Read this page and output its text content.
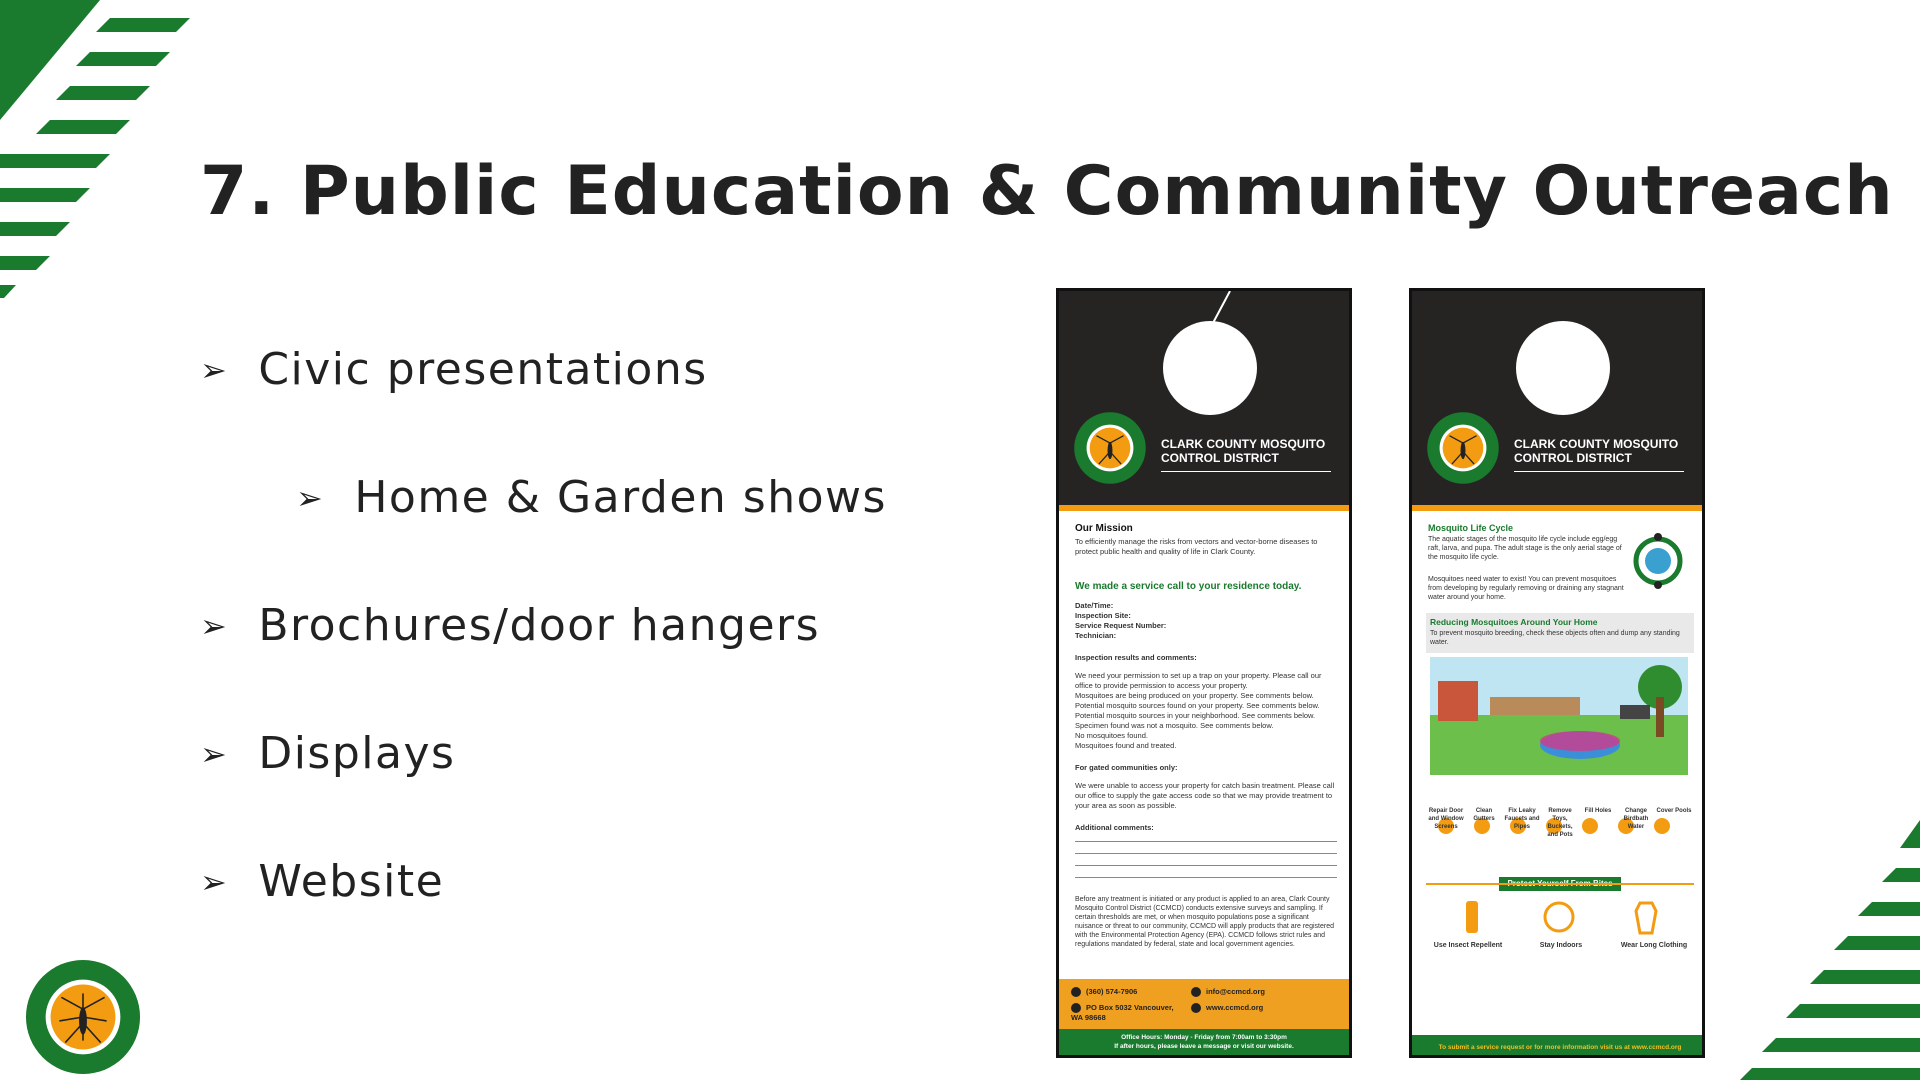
7. Public Education & Community Outreach
➢ Civic presentations
➢ Home & Garden shows
➢ Brochures/door hangers
➢ Displays
➢ Website
CLARK COUNTY MOSQUITO CONTROL DISTRICT
Our Mission
To efficiently manage the risks from vectors and vector-borne diseases to protect public health and quality of life in Clark County.
We made a service call to your residence today.
Date/Time:
Inspection Site:
Service Request Number:
Technician:
Inspection results and comments:
We need your permission to set up a trap on your property. Please call our office to provide permission to access your property.
Mosquitoes are being produced on your property. See comments below.
Potential mosquito sources found on your property. See comments below.
Potential mosquito sources in your neighborhood. See comments below.
Specimen found was not a mosquito. See comments below.
No mosquitoes found.
Mosquitoes found and treated.
For gated communities only:
We were unable to access your property for catch basin treatment. Please call our office to supply the gate access code so that we may provide treatment to your area as soon as possible.
Additional comments:
Before any treatment is initiated or any product is applied to an area, Clark County Mosquito Control District (CCMCD) conducts extensive surveys and sampling. If certain thresholds are met, or when mosquito populations pose a significant nuisance or threat to our community, CCMCD will apply products that are registered with the Environmental Protection Agency (EPA). CCMCD follows strict rules and regulations mandated by federal, state and local government agencies.
(360) 574-7906
PO Box 5032 Vancouver, WA 98668
info@ccmcd.org
www.ccmcd.org
Office Hours: Monday - Friday from 7:00am to 3:30pm
If after hours, please leave a message or visit our website.
CLARK COUNTY MOSQUITO CONTROL DISTRICT
Mosquito Life Cycle
The aquatic stages of the mosquito life cycle include egg/egg raft, larva, and pupa. The adult stage is the only aerial stage of the mosquito life cycle.
Mosquitoes need water to exist! You can prevent mosquitoes from developing by regularly removing or draining any stagnant water around your home.
Reducing Mosquitoes Around Your Home
To prevent mosquito breeding, check these objects often and dump any standing water.
Repair Door and Window Screens
Clean Gutters
Fix Leaky Faucets and Pipes
Remove Toys, Buckets, and Pots
Fill Holes	Change Birdbath Water
Cover Pools
Use Insect Repellent	Stay Indoors	Wear Long Clothing
To submit a service request or for more information visit us at www.ccmcd.org
